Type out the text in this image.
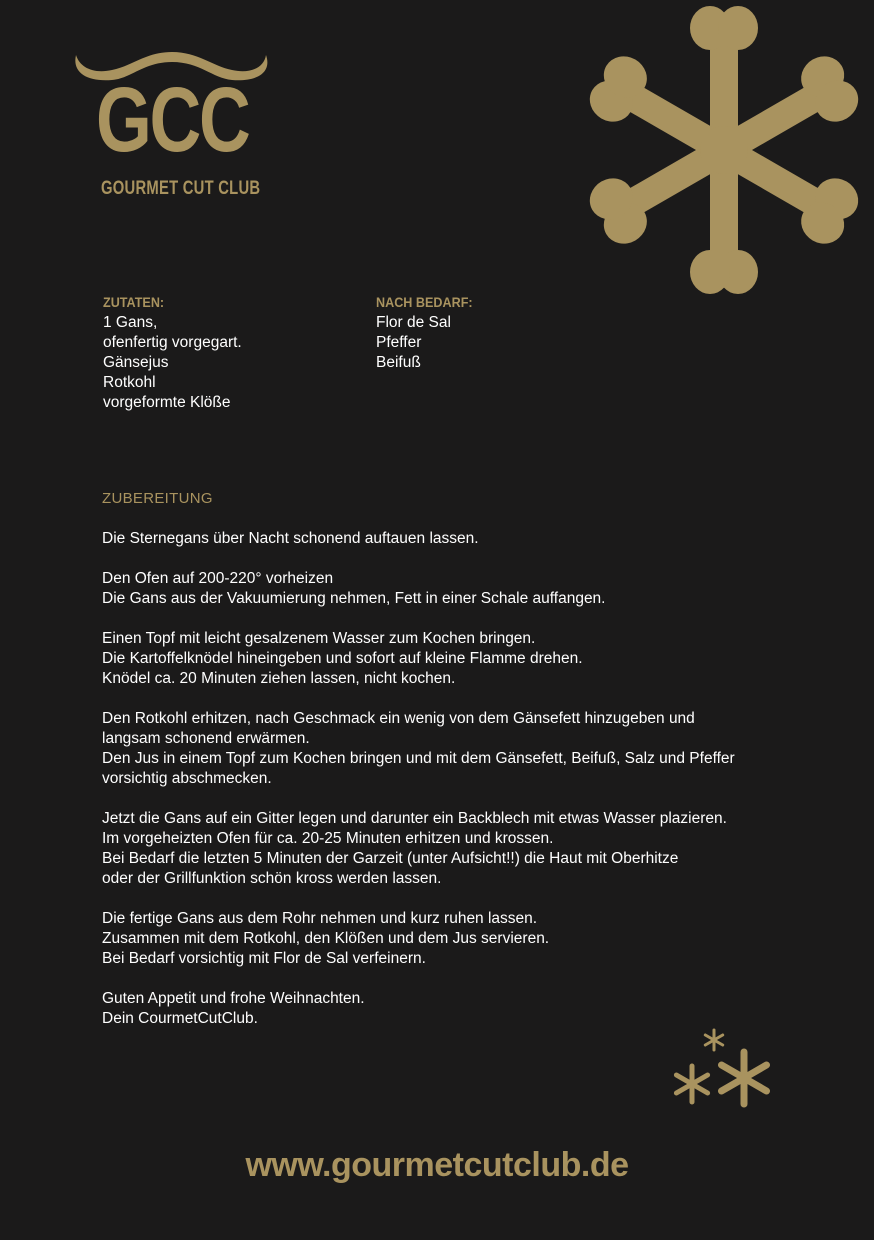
GCC
GOURMET CUT CLUB
ZUTATEN:
1 Gans,
ofenfertig vorgegart.
Gänsejus
Rotkohl
vorgeformte Klöße
NACH BEDARF:
Flor de Sal
Pfeffer
Beifuß
ZUBEREITUNG
Die Sternegans über Nacht schonend auftauen lassen.
Den Ofen auf 200-220° vorheizen
Die Gans aus der Vakuumierung nehmen, Fett in einer Schale auffangen.
Einen Topf mit leicht gesalzenem Wasser zum Kochen bringen.
Die Kartoffelknödel hineingeben und sofort auf kleine Flamme drehen.
Knödel ca. 20 Minuten ziehen lassen, nicht kochen.
Den Rotkohl erhitzen, nach Geschmack ein wenig von dem Gänsefett hinzugeben und
langsam schonend erwärmen.
Den Jus in einem Topf zum Kochen bringen und mit dem Gänsefett, Beifuß, Salz und Pfeffer
vorsichtig abschmecken.
Jetzt die Gans auf ein Gitter legen und darunter ein Backblech mit etwas Wasser plazieren.
Im vorgeheizten Ofen für ca. 20-25 Minuten erhitzen und krossen.
Bei Bedarf die letzten 5 Minuten der Garzeit (unter Aufsicht!!) die Haut mit Oberhitze
oder der Grillfunktion schön kross werden lassen.
Die fertige Gans aus dem Rohr nehmen und kurz ruhen lassen.
Zusammen mit dem Rotkohl, den Klößen und dem Jus servieren.
Bei Bedarf vorsichtig mit Flor de Sal verfeinern.
Guten Appetit und frohe Weihnachten.
Dein CourmetCutClub.
www.gourmetcutclub.de
